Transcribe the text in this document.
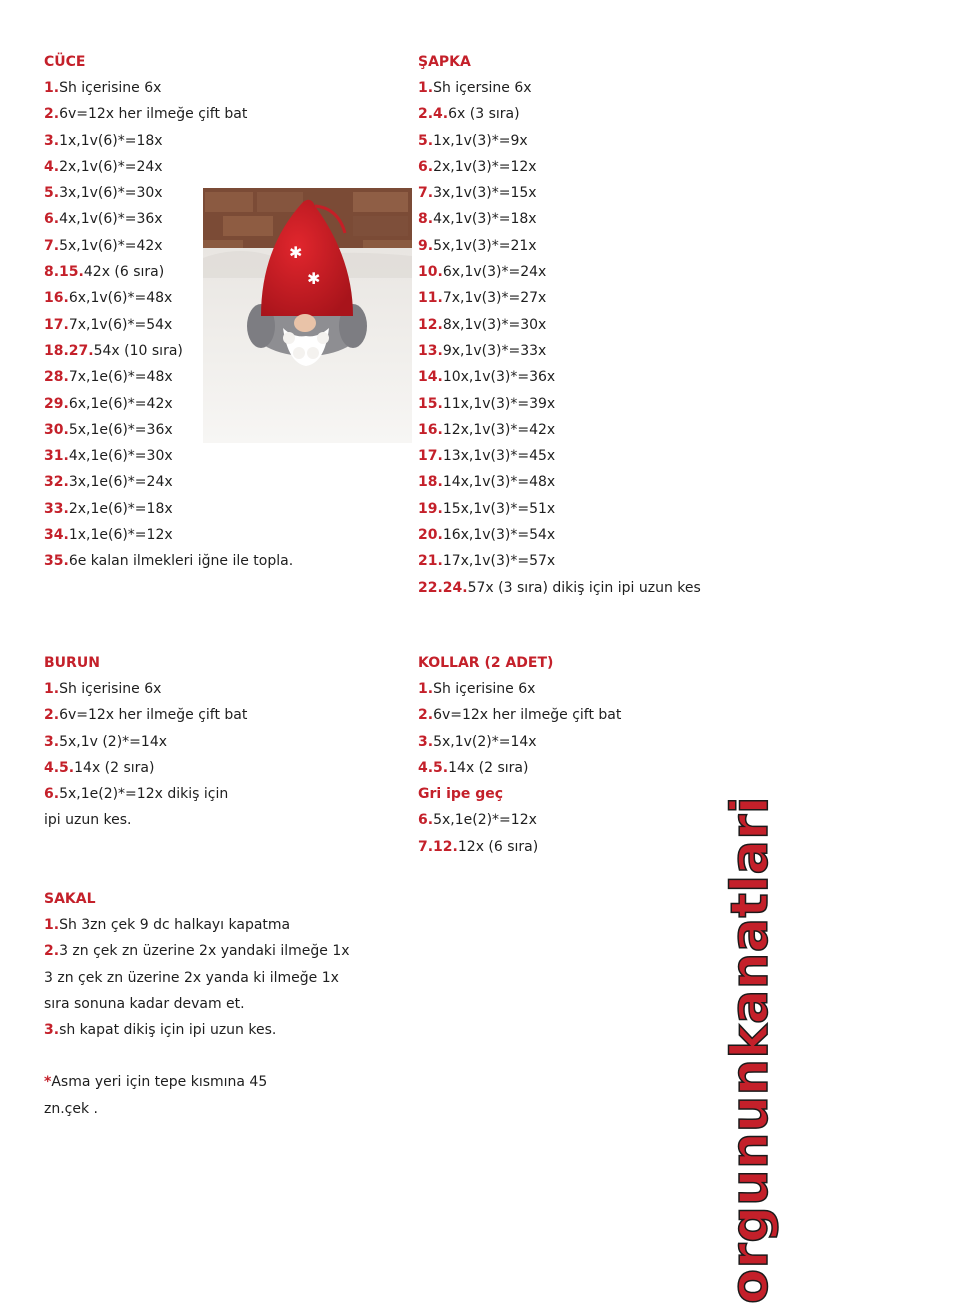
CÜCE
1.Sh içerisine 6x
2.6v=12x her ilmeğe çift bat
3.1x,1v(6)*=18x
4.2x,1v(6)*=24x
5.3x,1v(6)*=30x
6.4x,1v(6)*=36x
7.5x,1v(6)*=42x
8.15.42x (6 sıra)
16.6x,1v(6)*=48x
17.7x,1v(6)*=54x
18.27.54x (10 sıra)
28.7x,1e(6)*=48x
29.6x,1e(6)*=42x
30.5x,1e(6)*=36x
31.4x,1e(6)*=30x
32.3x,1e(6)*=24x
33.2x,1e(6)*=18x
34.1x,1e(6)*=12x
35.6e kalan ilmekleri iğne ile topla.
ŞAPKA
1.Sh içersine 6x
2.4.6x (3 sıra)
5.1x,1v(3)*=9x
6.2x,1v(3)*=12x
7.3x,1v(3)*=15x
8.4x,1v(3)*=18x
9.5x,1v(3)*=21x
10.6x,1v(3)*=24x
11.7x,1v(3)*=27x
12.8x,1v(3)*=30x
13.9x,1v(3)*=33x
14.10x,1v(3)*=36x
15.11x,1v(3)*=39x
16.12x,1v(3)*=42x
17.13x,1v(3)*=45x
18.14x,1v(3)*=48x
19.15x,1v(3)*=51x
20.16x,1v(3)*=54x
21.17x,1v(3)*=57x
22.24.57x (3 sıra) dikiş için ipi uzun kes
✱
✱
BURUN
1.Sh içerisine 6x
2.6v=12x her ilmeğe çift bat
3.5x,1v (2)*=14x
4.5.14x (2 sıra)
6.5x,1e(2)*=12x dikiş için
ipi uzun kes.
KOLLAR (2 ADET)
1.Sh içerisine 6x
2.6v=12x her ilmeğe çift bat
3.5x,1v(2)*=14x
4.5.14x (2 sıra)
Gri ipe geç
6.5x,1e(2)*=12x
7.12.12x (6 sıra)
SAKAL
1.Sh 3zn çek 9 dc halkayı kapatma
2.3 zn çek zn üzerine 2x yandaki ilmeğe 1x
3 zn çek zn üzerine 2x yanda ki ilmeğe 1x
sıra sonuna kadar devam et.
3.sh kapat dikiş için ipi uzun kes.
*Asma yeri için tepe kısmına 45
zn.çek .	orgununkanatlari
